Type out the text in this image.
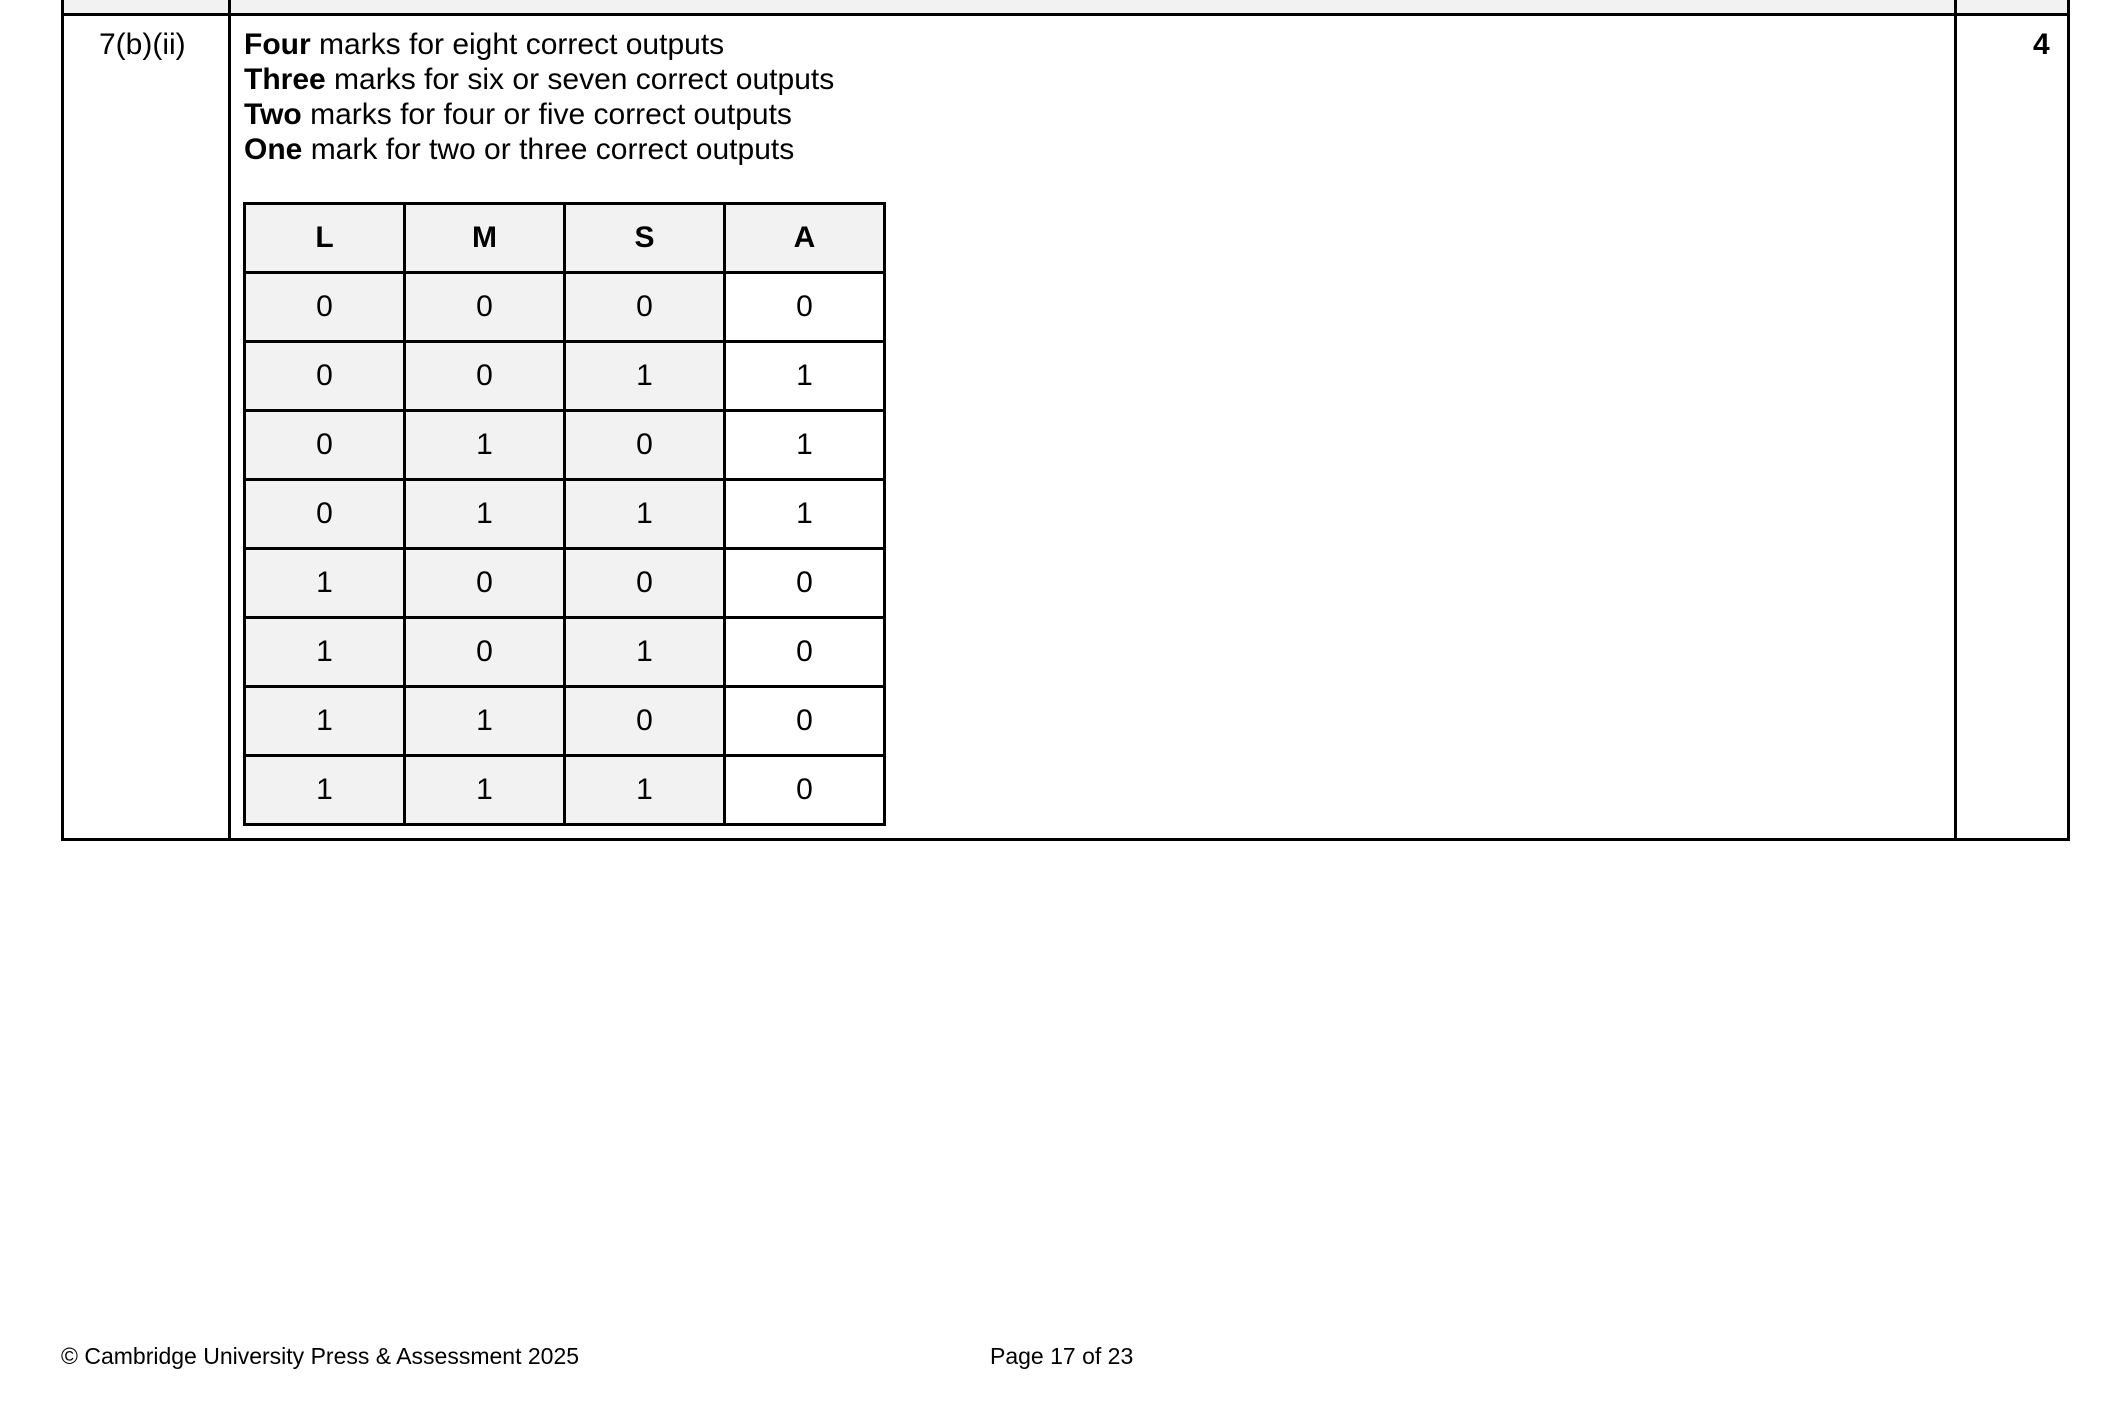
7(b)(ii) Four marks for eight correct outputs
Three marks for six or seven correct outputs
Two marks for four or five correct outputs
One mark for two or three correct outputs
4
L	M	S	A
0	0	0	0
0	0	1	1
0	1	0	1
0	1	1	1
1	0	0	0
1	0	1	0
1	1	0	0
1	1	1	0
© Cambridge University Press & Assessment 2025	Page 17 of 23
